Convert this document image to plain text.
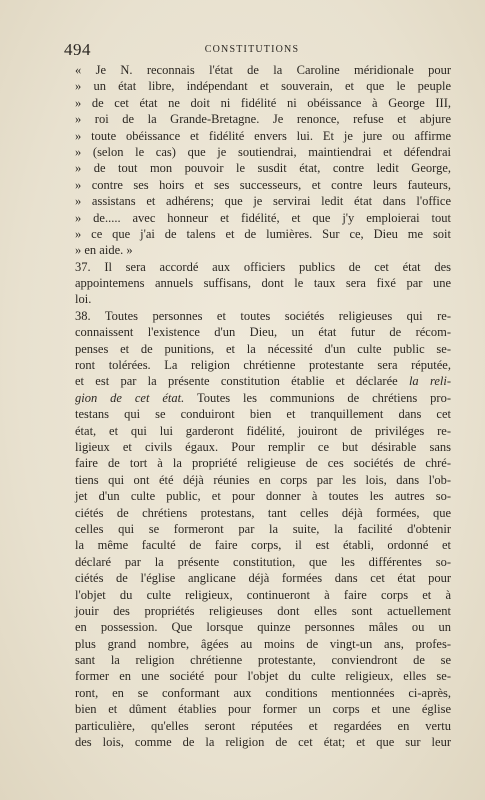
494	CONSTITUTIONS
« Je N. reconnais l'état de la Caroline méridionale pour
» un état libre, indépendant et souverain, et que le peuple
» de cet état ne doit ni fidélité ni obéissance à George III,
» roi de la Grande-Bretagne. Je renonce, refuse et abjure
» toute obéissance et fidélité envers lui. Et je jure ou affirme
» (selon le cas) que je soutiendrai, maintiendrai et défendrai
» de tout mon pouvoir le susdit état, contre ledit George,
» contre ses hoirs et ses successeurs, et contre leurs fauteurs,
» assistans et adhérens; que je servirai ledit état dans l'office
» de..... avec honneur et fidélité, et que j'y emploierai tout
» ce que j'ai de talens et de lumières. Sur ce, Dieu me soit
» en aide. »
37. Il sera accordé aux officiers publics de cet état des
appointemens annuels suffisans, dont le taux sera fixé par une
loi.
38. Toutes personnes et toutes sociétés religieuses qui re-
connaissent l'existence d'un Dieu, un état futur de récom-
penses et de punitions, et la nécessité d'un culte public se-
ront tolérées. La religion chrétienne protestante sera réputée,
et est par la présente constitution établie et déclarée la reli-
gion de cet état. Toutes les communions de chrétiens pro-
testans qui se conduiront bien et tranquillement dans cet
état, et qui lui garderont fidélité, jouiront de priviléges re-
ligieux et civils égaux. Pour remplir ce but désirable sans
faire de tort à la propriété religieuse de ces sociétés de chré-
tiens qui ont été déjà réunies en corps par les lois, dans l'ob-
jet d'un culte public, et pour donner à toutes les autres so-
ciétés de chrétiens protestans, tant celles déjà formées, que
celles qui se formeront par la suite, la facilité d'obtenir
la même faculté de faire corps, il est établi, ordonné et
déclaré par la présente constitution, que les différentes so-
ciétés de l'église anglicane déjà formées dans cet état pour
l'objet du culte religieux, continueront à faire corps et à
jouir des propriétés religieuses dont elles sont actuellement
en possession. Que lorsque quinze personnes mâles ou un
plus grand nombre, âgées au moins de vingt-un ans, profes-
sant la religion chrétienne protestante, conviendront de se
former en une société pour l'objet du culte religieux, elles se-
ront, en se conformant aux conditions mentionnées ci-après,
bien et dûment établies pour former un corps et une église
particulière, qu'elles seront réputées et regardées en vertu
des lois, comme de la religion de cet état; et que sur leur
